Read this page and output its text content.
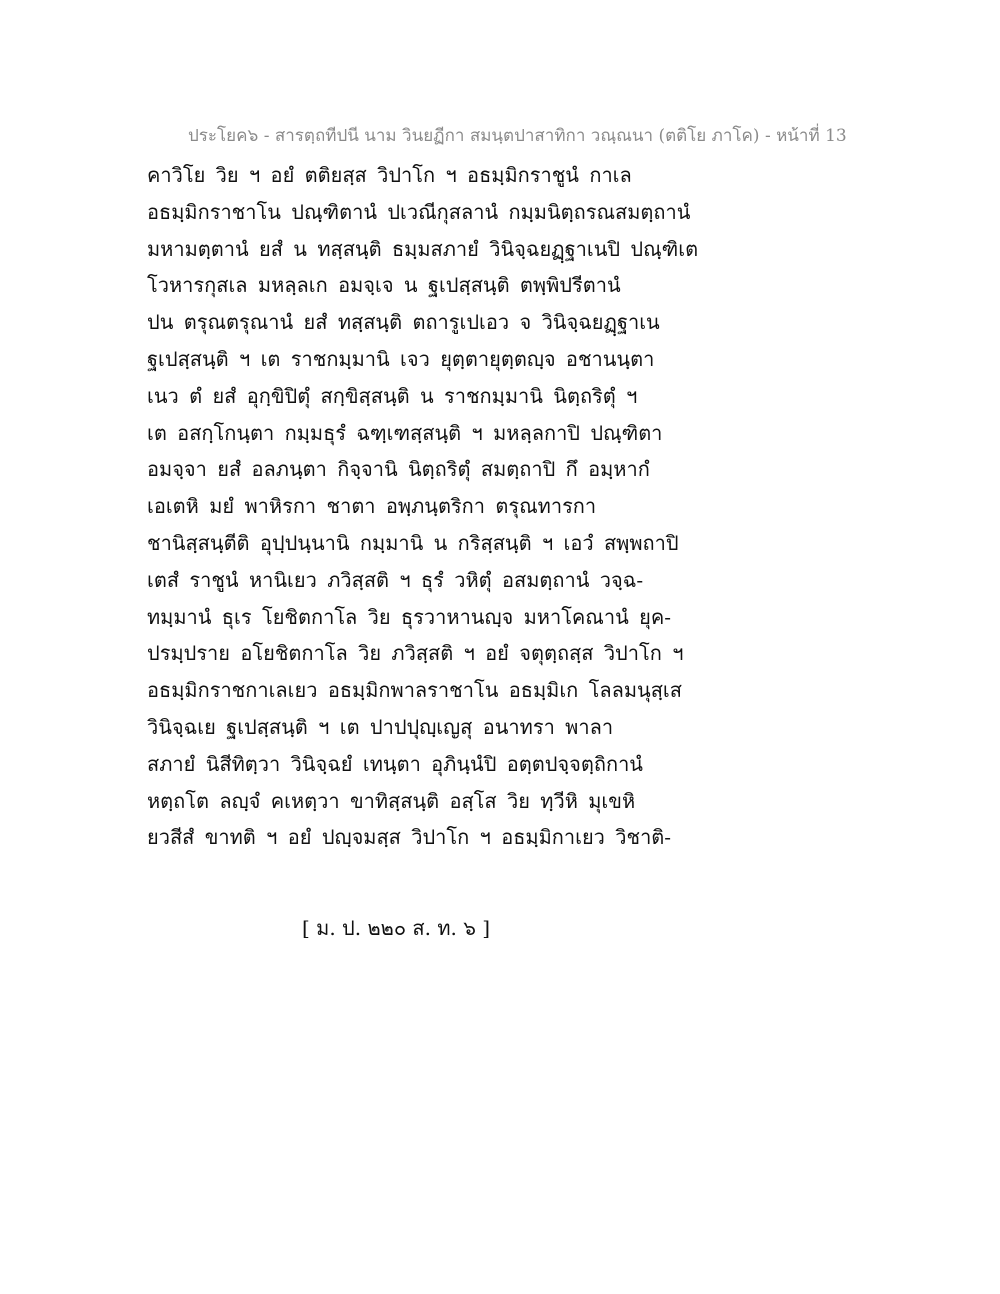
ประโยค๖ - สารตฺถทีปนี นาม วินยฏีกา สมนฺตปาสาทิกา วณฺณนา (ตติโย ภาโค) - หน้าที่ 13
คาวิโย วิย ฯ อยํ ตติยสฺส วิปาโก ฯ อธมฺมิกราชูนํ กาเล
อธมฺมิกราชาโน ปณฺฑิตานํ ปเวณีกุสลานํ กมฺมนิตฺถรณสมตฺถานํ
มหามตฺตานํ ยสํ น ทสฺสนฺติ ธมฺมสภายํ วินิจฺฉยฏฺฐาเนปิ ปณฺฑิเต
โวหารกุสเล มหลฺลเก อมจฺเจ น ฐเปสฺสนฺติ ตพฺพิปรีตานํ
ปน ตรุณตรุณานํ ยสํ ทสฺสนฺติ ตถารูเปเอว จ วินิจฺฉยฏฺฐาเน
ฐเปสฺสนฺติ ฯ เต ราชกมฺมานิ เจว ยุตฺตายุตฺตญฺจ อชานนฺตา
เนว ตํ ยสํ อุกฺขิปิตุํ สกฺขิสฺสนฺติ น ราชกมฺมานิ นิตฺถริตุํ ฯ
เต อสกฺโกนฺตา กมฺมธุรํ ฉฑฺเฑสฺสนฺติ ฯ มหลฺลกาปิ ปณฺฑิตา
อมจฺจา ยสํ อลภนฺตา กิจฺจานิ นิตฺถริตุํ สมตฺถาปิ กึ อมฺหากํ
เอเตหิ มยํ พาหิรกา ชาตา อพฺภนฺตริกา ตรุณทารกา
ชานิสฺสนฺตีติ อุปฺปนฺนานิ กมฺมานิ น กริสฺสนฺติ ฯ เอวํ สพฺพถาปิ
เตสํ ราชูนํ หานิเยว ภวิสฺสติ ฯ ธุรํ วหิตุํ อสมตฺถานํ วจฺฉ-
ทมฺมานํ ธุเร โยชิตกาโล วิย ธุรวาหานญฺจ มหาโคณานํ ยุค-
ปรมฺปราย อโยชิตกาโล วิย ภวิสฺสติ ฯ อยํ จตุตฺถสฺส วิปาโก ฯ
อธมฺมิกราชกาเลเยว อธมฺมิกพาลราชาโน อธมฺมิเก โลลมนุสฺเส
วินิจฺฉเย ฐเปสฺสนฺติ ฯ เต ปาปปุญฺเญสุ อนาทรา พาลา
สภายํ นิสีทิตฺวา วินิจฺฉยํ เทนฺตา อุภินฺนํปิ อตฺตปจฺจตฺถิกานํ
หตฺถโต ลญฺจํ คเหตฺวา ขาทิสฺสนฺติ อสฺโส วิย ทฺวีหิ มุเขหิ
ยวสีสํ ขาทติ ฯ อยํ ปญฺจมสฺส วิปาโก ฯ อธมฺมิกาเยว วิชาติ-
[ ม. ป. ๒๒๐ ส. ท. ๖ ]
